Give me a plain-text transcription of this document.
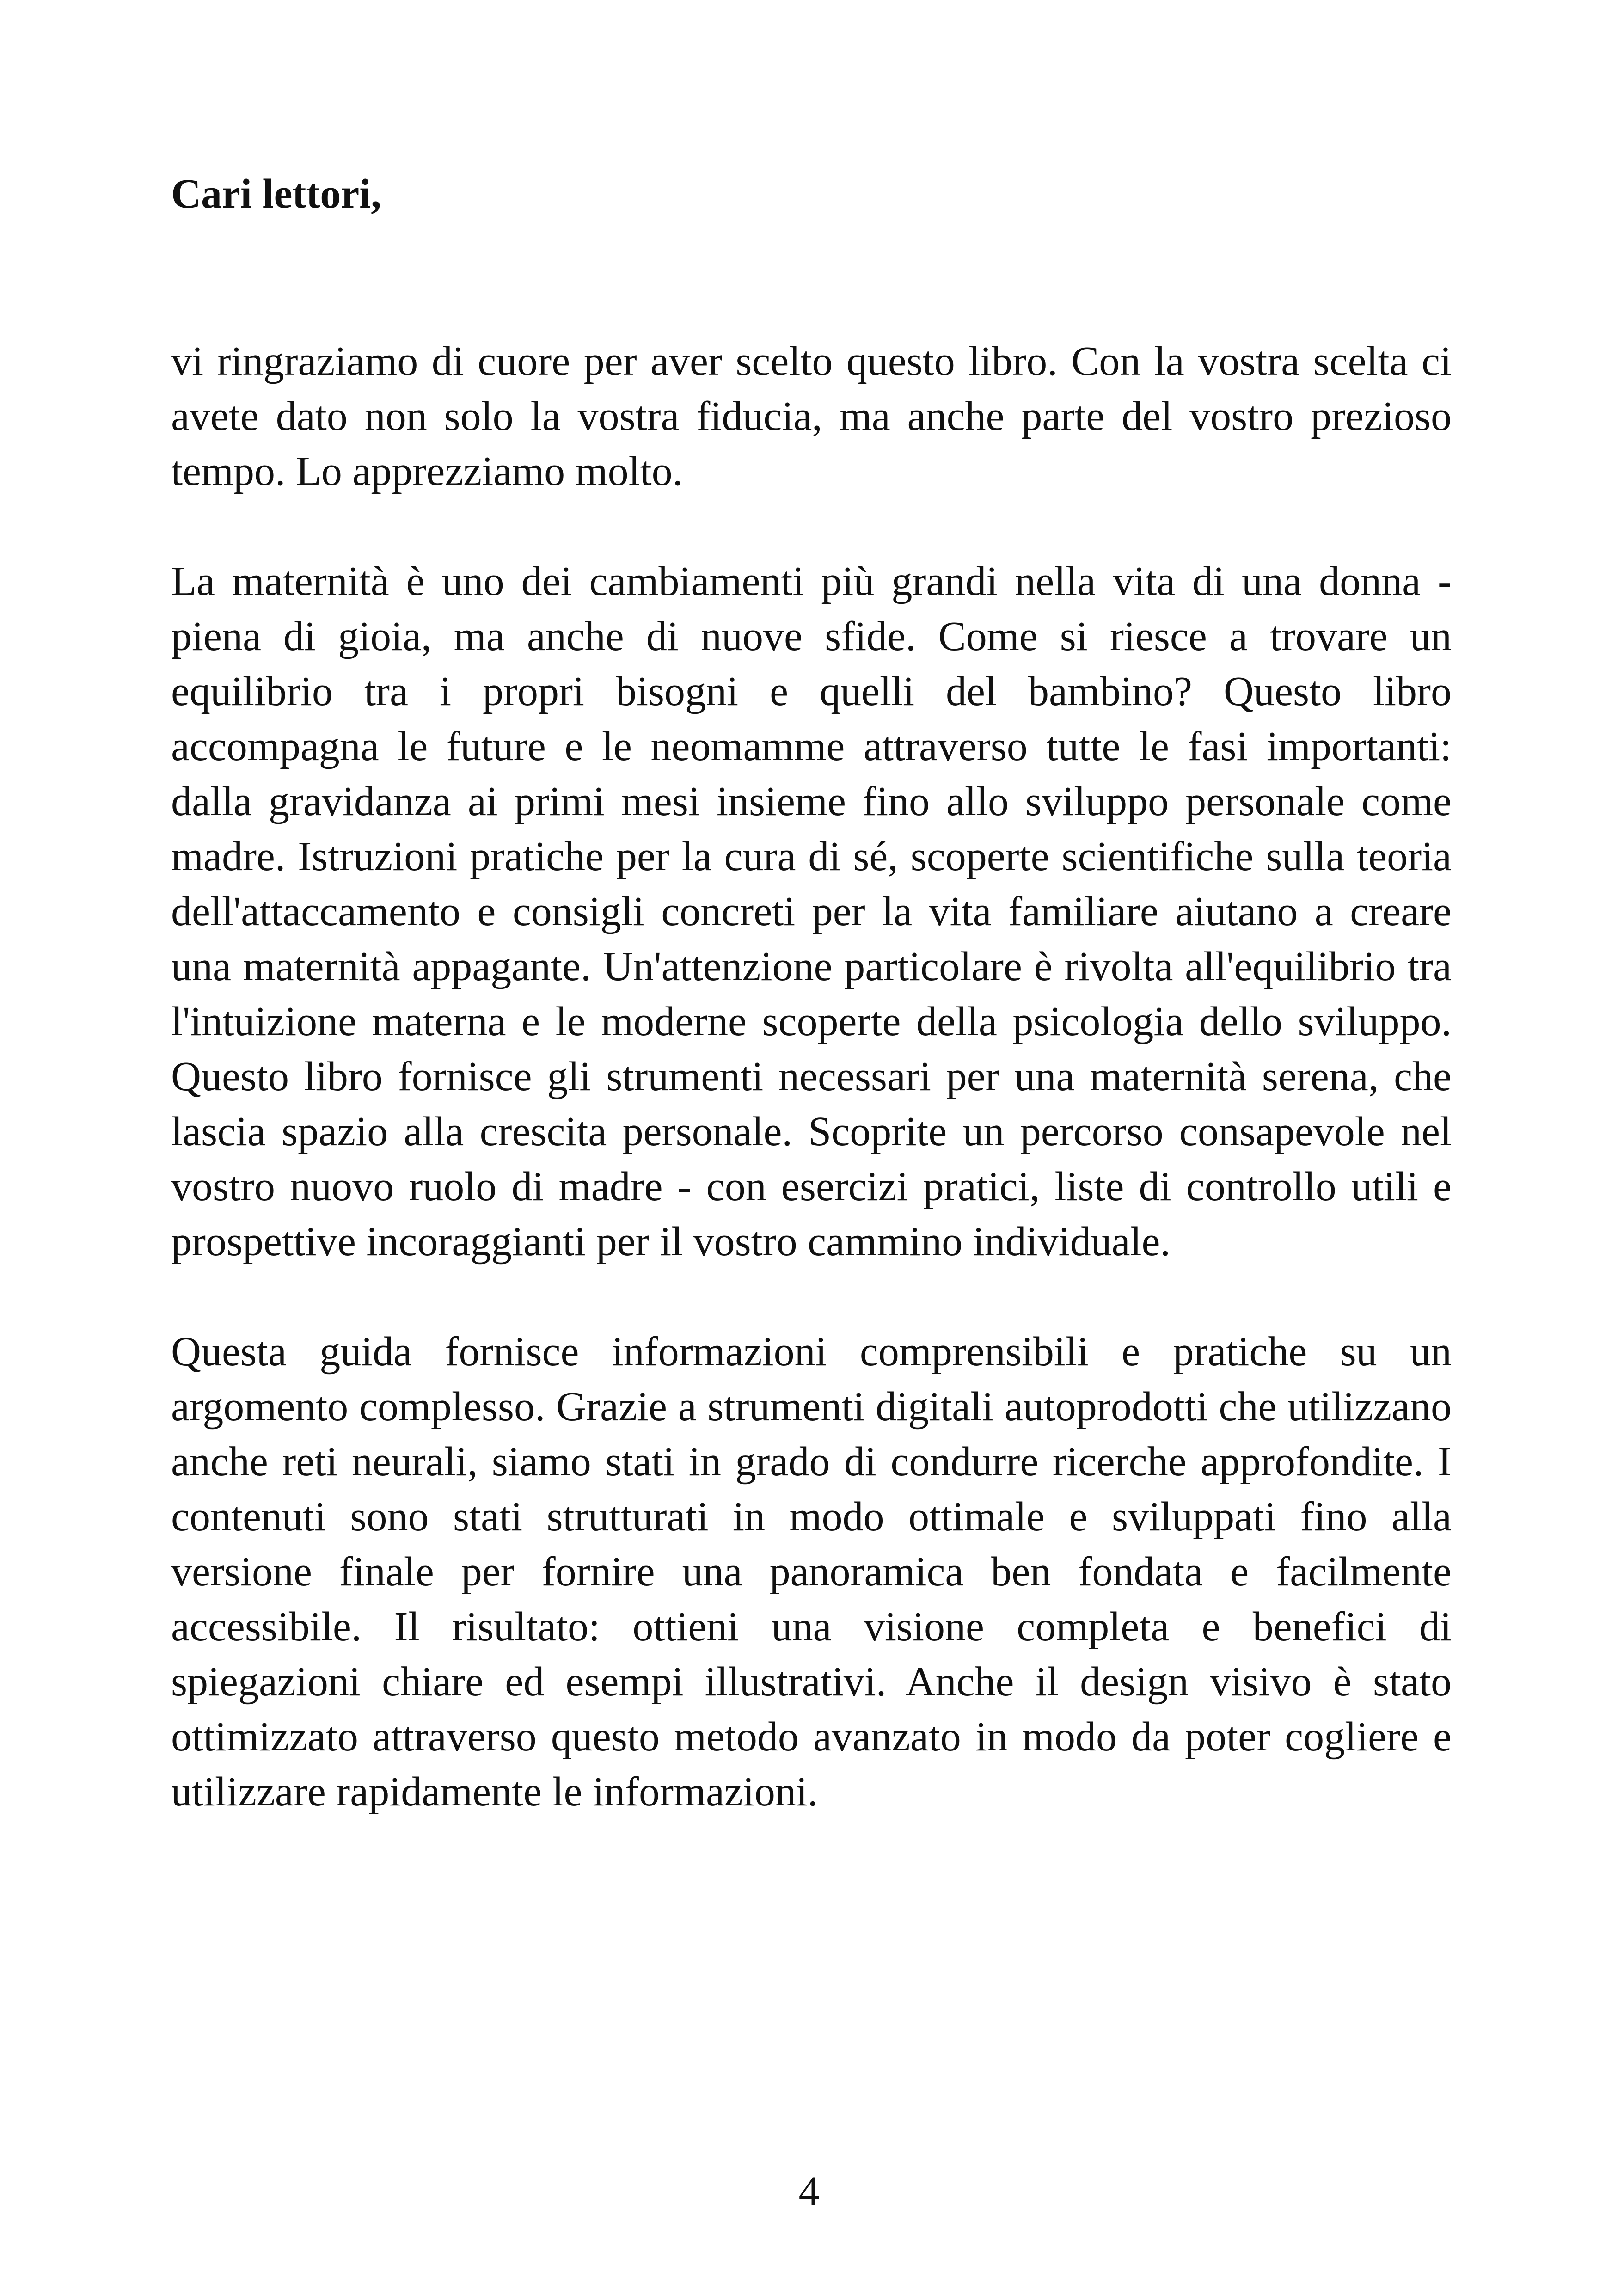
Cari lettori,

vi ringraziamo di cuore per aver scelto questo libro. Con la vostra scelta ci avete dato non solo la vostra fiducia, ma anche parte del vostro prezioso tempo. Lo apprezziamo molto.

La maternità è uno dei cambiamenti più grandi nella vita di una donna - piena di gioia, ma anche di nuove sfide. Come si riesce a trovare un equilibrio tra i propri bisogni e quelli del bambino? Questo libro accompagna le future e le neomamme attraverso tutte le fasi importanti: dalla gravidanza ai primi mesi insieme fino allo sviluppo personale come madre. Istruzioni pratiche per la cura di sé, scoperte scientifiche sulla teoria dell'attaccamento e consigli concreti per la vita familiare aiutano a creare una maternità appagante. Un'attenzione particolare è rivolta all'equilibrio tra l'intuizione materna e le moderne scoperte della psicologia dello sviluppo. Questo libro fornisce gli strumenti necessari per una maternità serena, che lascia spazio alla crescita personale. Scoprite un percorso consapevole nel vostro nuovo ruolo di madre - con esercizi pratici, liste di controllo utili e prospettive incoraggianti per il vostro cammino individuale.

Questa guida fornisce informazioni comprensibili e pratiche su un argomento complesso. Grazie a strumenti digitali autoprodotti che utilizzano anche reti neurali, siamo stati in grado di condurre ricerche approfondite. I contenuti sono stati strutturati in modo ottimale e sviluppati fino alla versione finale per fornire una panoramica ben fondata e facilmente accessibile. Il risultato: ottieni una visione completa e benefici di spiegazioni chiare ed esempi illustrativi. Anche il design visivo è stato ottimizzato attraverso questo metodo avanzato in modo da poter cogliere e utilizzare rapidamente le informazioni.

4
